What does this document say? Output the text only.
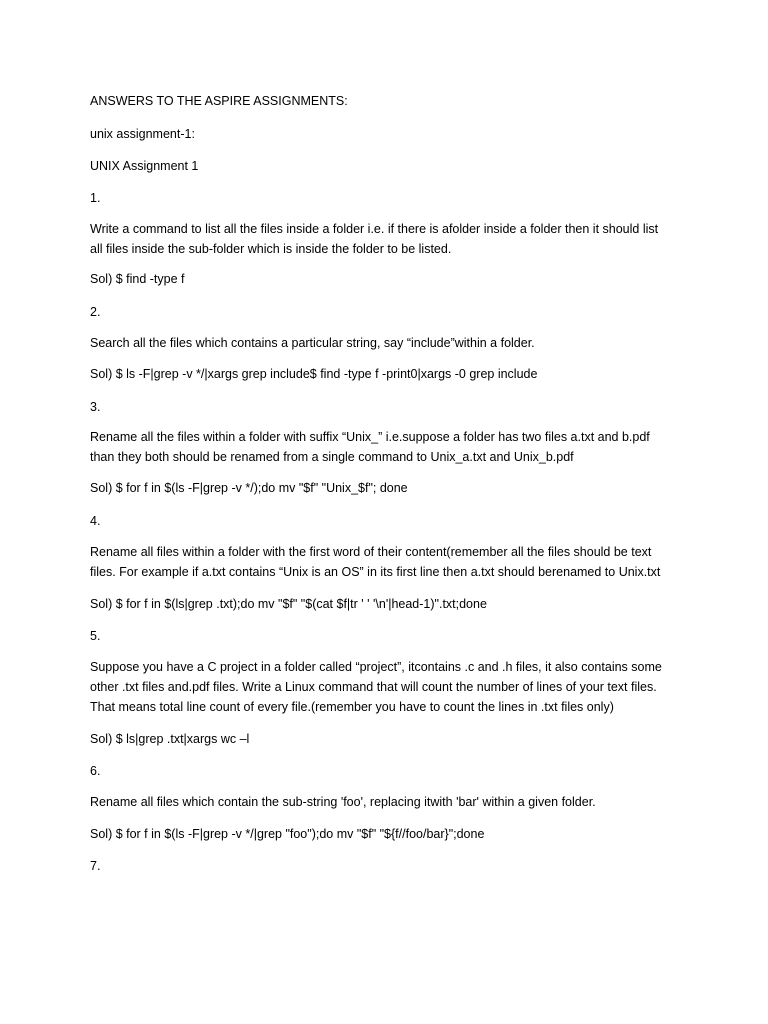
ANSWERS TO THE ASPIRE ASSIGNMENTS:

unix assignment-1:

UNIX Assignment 1

1.

Write a command to list all the files inside a folder i.e. if there is afolder inside a folder then it should list

all files inside the sub-folder which is inside the folder to be listed.

Sol) $ find -type f

2.

Search all the files which contains a particular string, say “include”within a folder.

Sol) $ ls -F|grep -v */|xargs grep include$ find -type f -print0|xargs -0 grep include

3.

Rename all the files within a folder with suffix “Unix_” i.e.suppose a folder has two files a.txt and b.pdf

than they both should be renamed from a single command to Unix_a.txt and Unix_b.pdf

Sol) $ for f in $(ls -F|grep -v */);do mv "$f" "Unix_$f"; done

4.

Rename all files within a folder with the first word of their content(remember all the files should be text

files. For example if a.txt contains “Unix is an OS” in its first line then a.txt should berenamed to Unix.txt

Sol) $ for f in $(ls|grep .txt);do mv "$f" "$(cat $f|tr ' ' '\n'|head-1)".txt;done

5.

Suppose you have a C project in a folder called “project”, itcontains .c and .h files, it also contains some

other .txt files and.pdf files. Write a Linux command that will count the number of lines of your text files.

That means total line count of every file.(remember you have to count the lines in .txt files only)

Sol) $ ls|grep .txt|xargs wc –l

6.

Rename all files which contain the sub-string 'foo', replacing itwith 'bar' within a given folder.

Sol) $ for f in $(ls -F|grep -v */|grep "foo");do mv "$f" "${f//foo/bar}";done

7.
